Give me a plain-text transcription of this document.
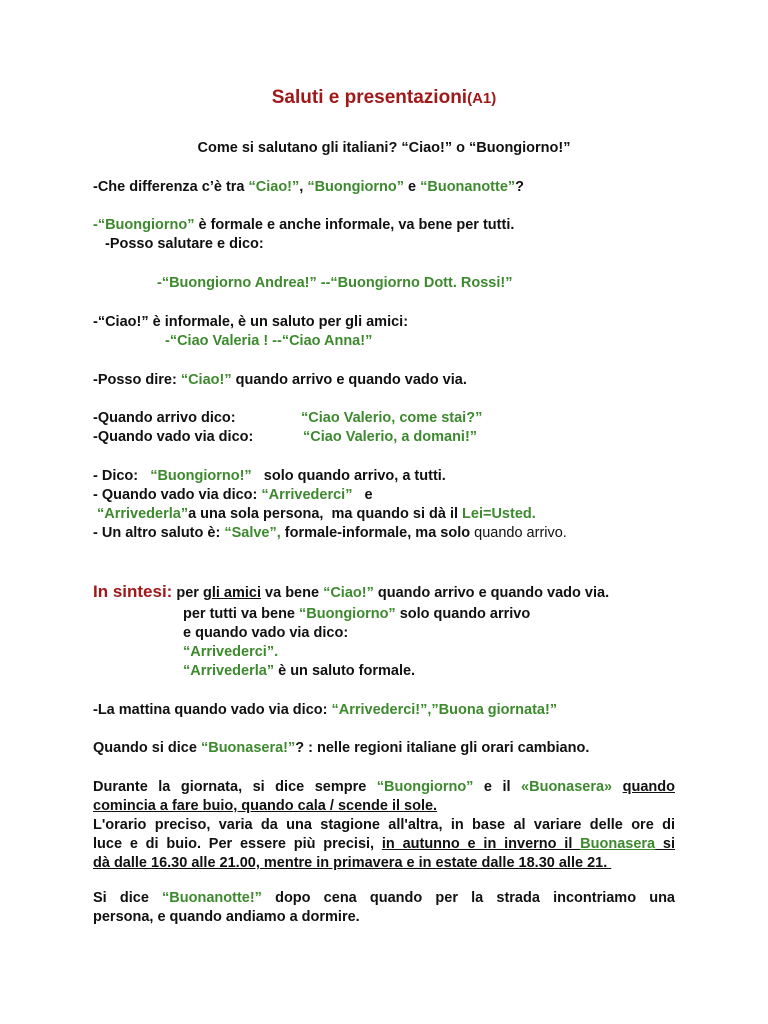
Saluti e presentazioni(A1)
Come si salutano gli italiani? “Ciao!” o “Buongiorno!”
-Che differenza c’è tra “Ciao!”, “Buongiorno” e “Buonanotte”?
-“Buongiorno” è formale e anche informale, va bene per tutti.
-Posso salutare e dico:
-“Buongiorno Andrea!” --“Buongiorno Dott. Rossi!”
-“Ciao!” è informale, è un saluto per gli amici:
-“Ciao Valeria ! --“Ciao Anna!”
-Posso dire: “Ciao!” quando arrivo e quando vado via.
-Quando arrivo dico:	“Ciao Valerio, come stai?”
-Quando vado via dico:	“Ciao Valerio, a domani!”
- Dico:   “Buongiorno!”   solo quando arrivo, a tutti.
- Quando vado via dico: “Arrivederci”   e
“Arrivederla”a una sola persona,  ma quando si dà il Lei=Usted.
- Un altro saluto è: “Salve”, formale-informale, ma solo quando arrivo.
In sintesi: per gli amici va bene “Ciao!” quando arrivo e quando vado via.
per tutti va bene “Buongiorno” solo quando arrivo
e quando vado via dico:
“Arrivederci”.
“Arrivederla” è un saluto formale.
-La mattina quando vado via dico: “Arrivederci!”,”Buona giornata!”
Quando si dice “Buonasera!”? : nelle regioni italiane gli orari cambiano.
Durante la giornata, si dice sempre “Buongiorno” e il «Buonasera» quando
comincia a fare buio, quando cala / scende il sole.
L'orario preciso, varia da una stagione all'altra, in base al variare delle ore di
luce e di buio. Per essere più precisi, in autunno e in inverno il Buonasera si
dà dalle 16.30 alle 21.00, mentre in primavera e in estate dalle 18.30 alle 21.
Si dice “Buonanotte!” dopo cena quando per la strada incontriamo una
persona, e quando andiamo a dormire.
